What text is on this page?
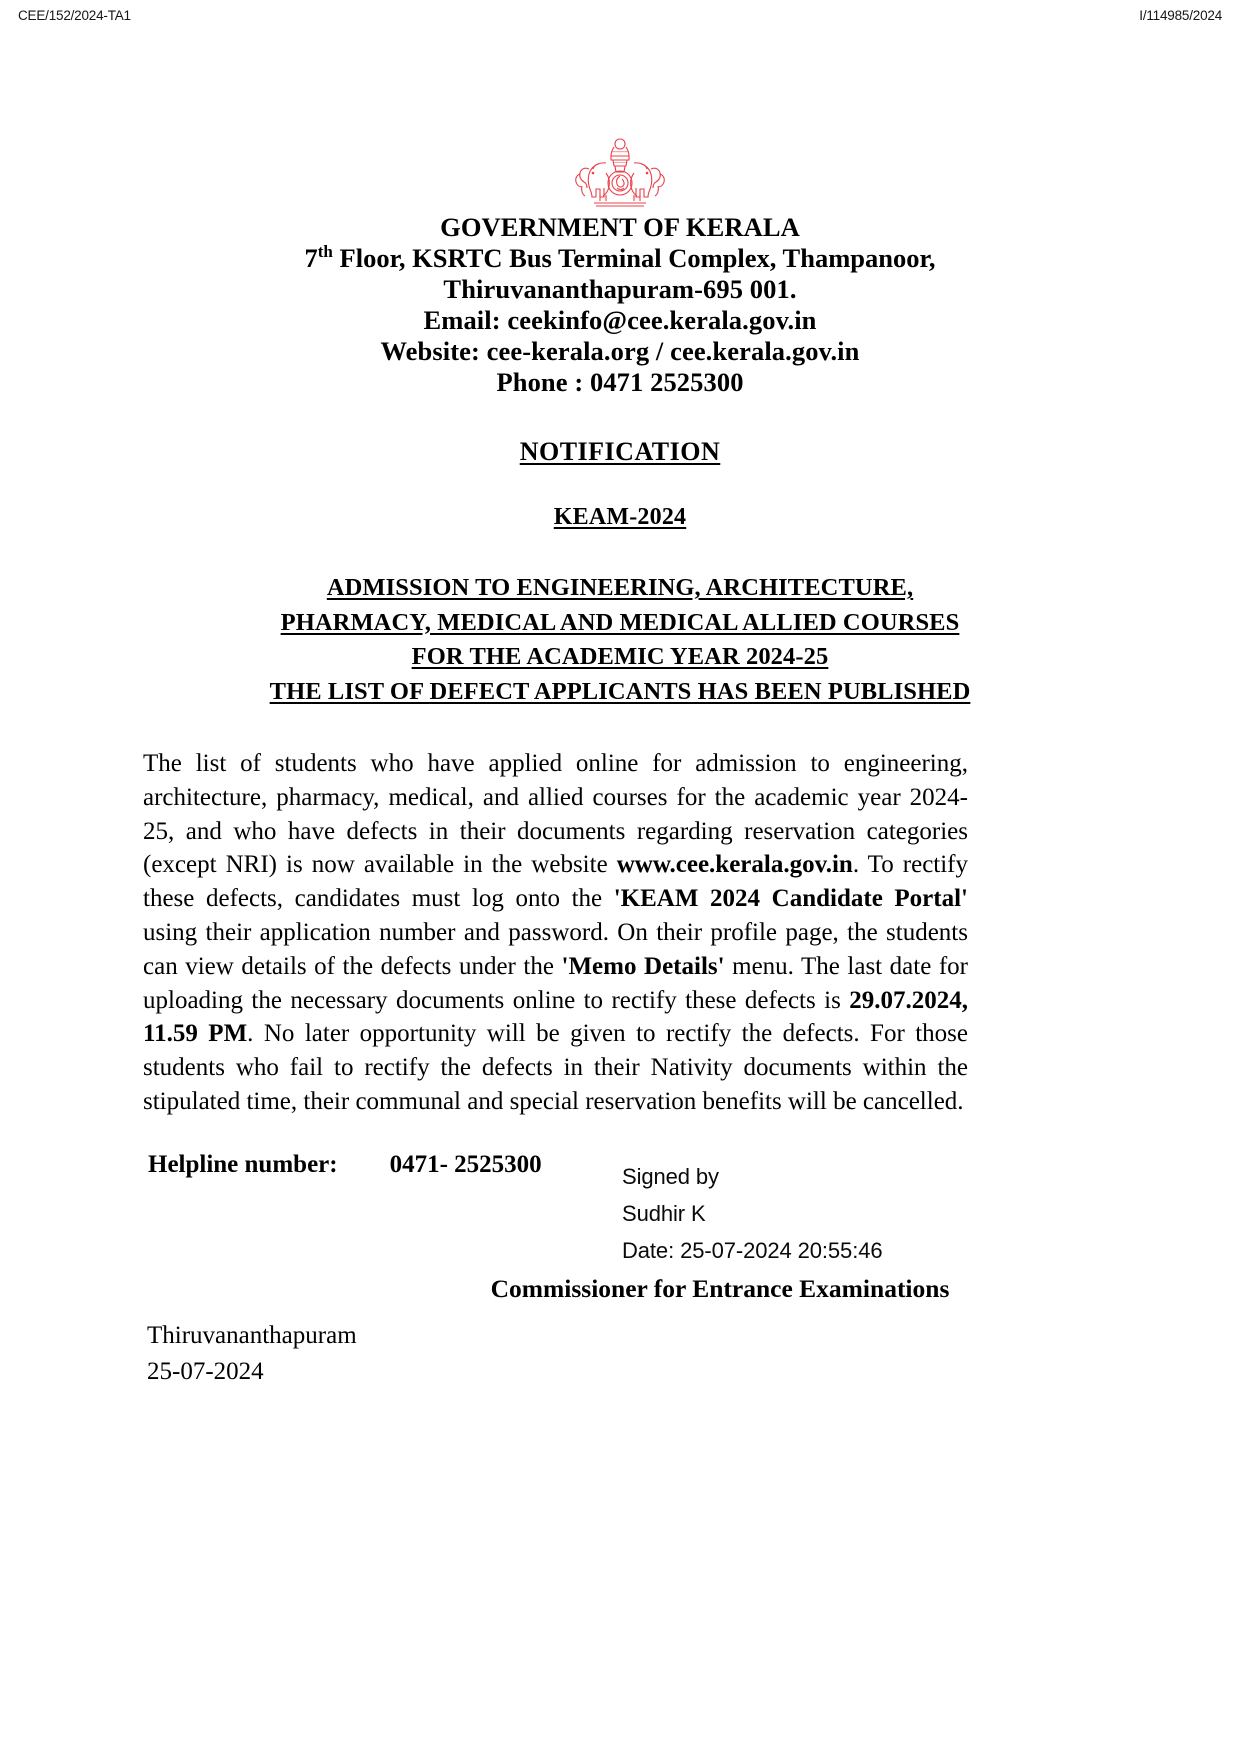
CEE/152/2024-TA1	I/114985/2024
GOVERNMENT OF KERALA
7th Floor, KSRTC Bus Terminal Complex, Thampanoor,
Thiruvananthapuram-695 001.
Email: ceekinfo@cee.kerala.gov.in
Website: cee-kerala.org / cee.kerala.gov.in
Phone : 0471 2525300
NOTIFICATION
KEAM-2024
ADMISSION TO ENGINEERING, ARCHITECTURE,
PHARMACY, MEDICAL AND MEDICAL ALLIED COURSES
FOR THE ACADEMIC YEAR 2024-25
THE LIST OF DEFECT APPLICANTS HAS BEEN PUBLISHED

The list of students who have applied online for admission to engineering, architecture, pharmacy, medical, and allied courses for the academic year 2024-25, and who have defects in their documents regarding reservation categories (except NRI) is now available in the website www.cee.kerala.gov.in. To rectify these defects, candidates must log onto the 'KEAM 2024 Candidate Portal' using their application number and password. On their profile page, the students can view details of the defects under the 'Memo Details' menu. The last date for uploading the necessary documents online to rectify these defects is 29.07.2024, 11.59 PM. No later opportunity will be given to rectify the defects. For those students who fail to rectify the defects in their Nativity documents within the stipulated time, their communal and special reservation benefits will be cancelled.

Helpline number: 0471- 2525300	Signed by
Sudhir K
Date: 25-07-2024 20:55:46
Commissioner for Entrance Examinations
Thiruvananthapuram
25-07-2024
